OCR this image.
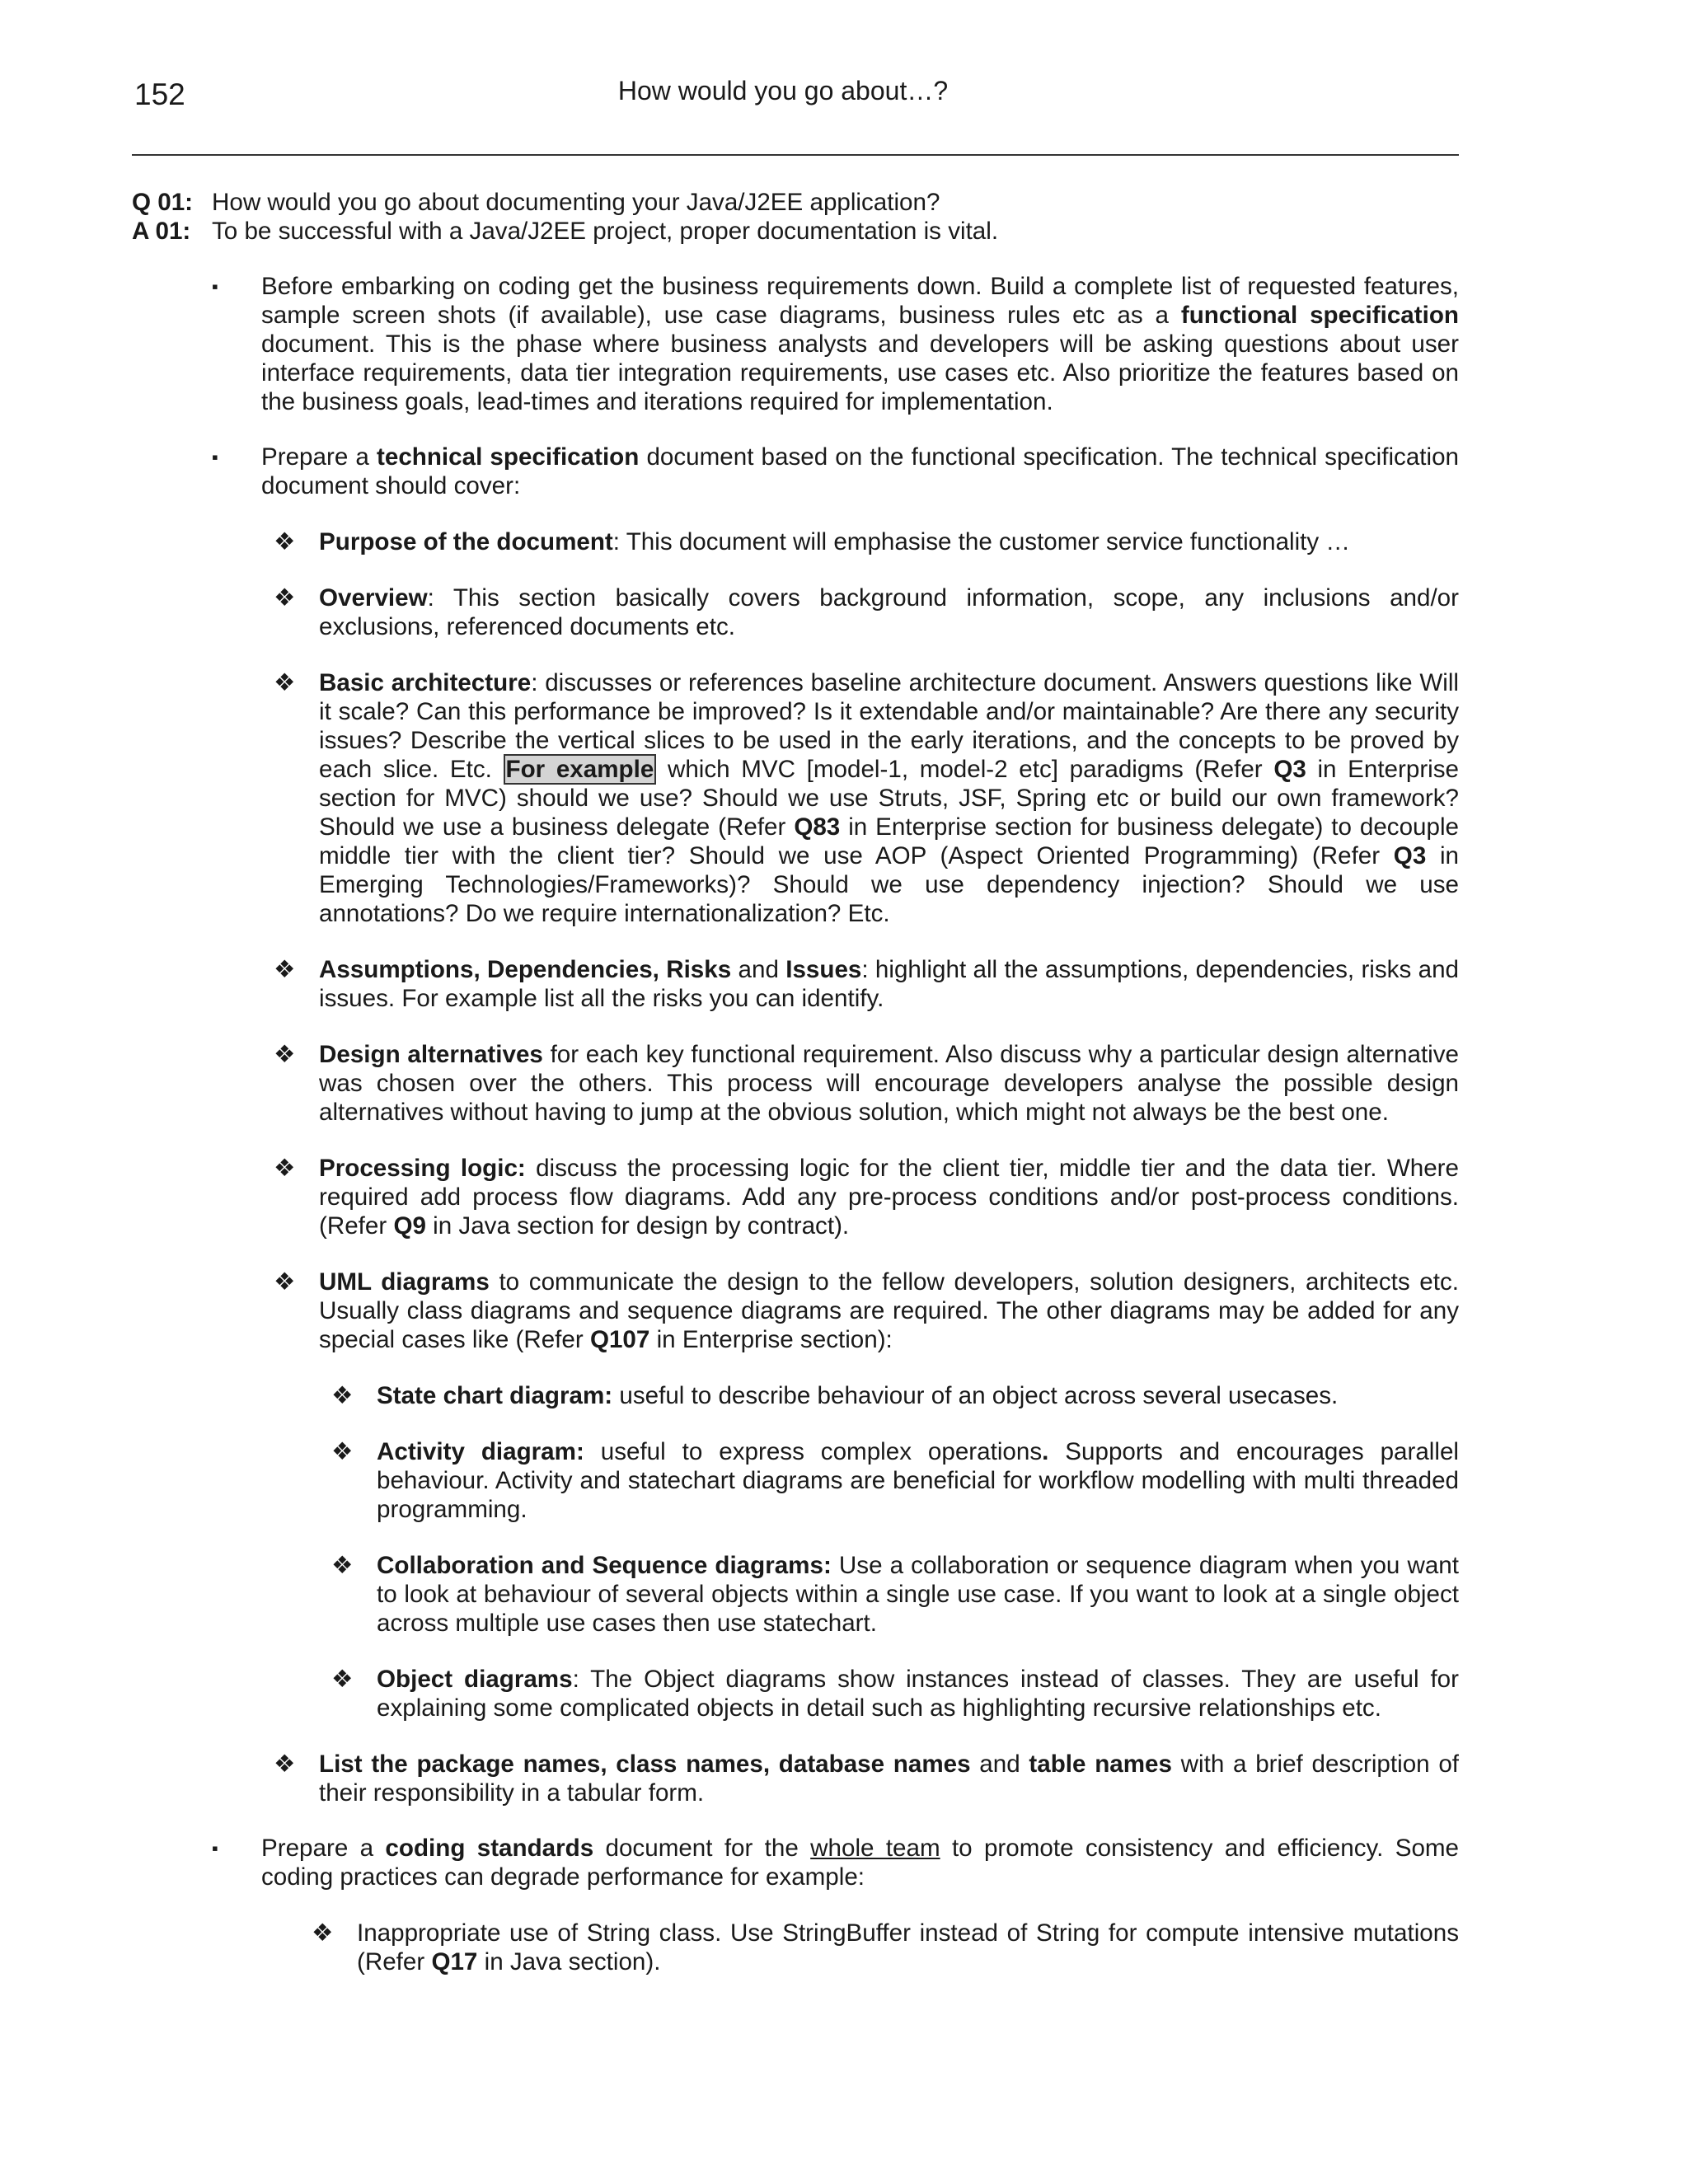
152	How would you go about…?
Q 01: How would you go about documenting your Java/J2EE application?
A 01: To be successful with a Java/J2EE project, proper documentation is vital.
▪ Before embarking on coding get the business requirements down. Build a complete list of requested features, sample screen shots (if available), use case diagrams, business rules etc as a functional specification document. This is the phase where business analysts and developers will be asking questions about user interface requirements, data tier integration requirements, use cases etc. Also prioritize the features based on the business goals, lead-times and iterations required for implementation.
▪ Prepare a technical specification document based on the functional specification. The technical specification document should cover:
❖ Purpose of the document: This document will emphasise the customer service functionality …
❖ Overview: This section basically covers background information, scope, any inclusions and/or exclusions, referenced documents etc.
❖ Basic architecture: discusses or references baseline architecture document. Answers questions like Will it scale? Can this performance be improved? Is it extendable and/or maintainable? Are there any security issues? Describe the vertical slices to be used in the early iterations, and the concepts to be proved by each slice. Etc. For example which MVC [model-1, model-2 etc] paradigms (Refer Q3 in Enterprise section for MVC) should we use? Should we use Struts, JSF, Spring etc or build our own framework? Should we use a business delegate (Refer Q83 in Enterprise section for business delegate) to decouple middle tier with the client tier? Should we use AOP (Aspect Oriented Programming) (Refer Q3 in Emerging Technologies/Frameworks)? Should we use dependency injection? Should we use annotations? Do we require internationalization? Etc.
❖ Assumptions, Dependencies, Risks and Issues: highlight all the assumptions, dependencies, risks and issues. For example list all the risks you can identify.
❖ Design alternatives for each key functional requirement. Also discuss why a particular design alternative was chosen over the others. This process will encourage developers analyse the possible design alternatives without having to jump at the obvious solution, which might not always be the best one.
❖ Processing logic: discuss the processing logic for the client tier, middle tier and the data tier. Where required add process flow diagrams. Add any pre-process conditions and/or post-process conditions. (Refer Q9 in Java section for design by contract).
❖ UML diagrams to communicate the design to the fellow developers, solution designers, architects etc. Usually class diagrams and sequence diagrams are required. The other diagrams may be added for any special cases like (Refer Q107 in Enterprise section):
❖ State chart diagram: useful to describe behaviour of an object across several usecases.
❖ Activity diagram: useful to express complex operations. Supports and encourages parallel behaviour. Activity and statechart diagrams are beneficial for workflow modelling with multi threaded programming.
❖ Collaboration and Sequence diagrams: Use a collaboration or sequence diagram when you want to look at behaviour of several objects within a single use case. If you want to look at a single object across multiple use cases then use statechart.
❖ Object diagrams: The Object diagrams show instances instead of classes. They are useful for explaining some complicated objects in detail such as highlighting recursive relationships etc.
❖ List the package names, class names, database names and table names with a brief description of their responsibility in a tabular form.
▪ Prepare a coding standards document for the whole team to promote consistency and efficiency. Some coding practices can degrade performance for example:
❖ Inappropriate use of String class. Use StringBuffer instead of String for compute intensive mutations (Refer Q17 in Java section).
